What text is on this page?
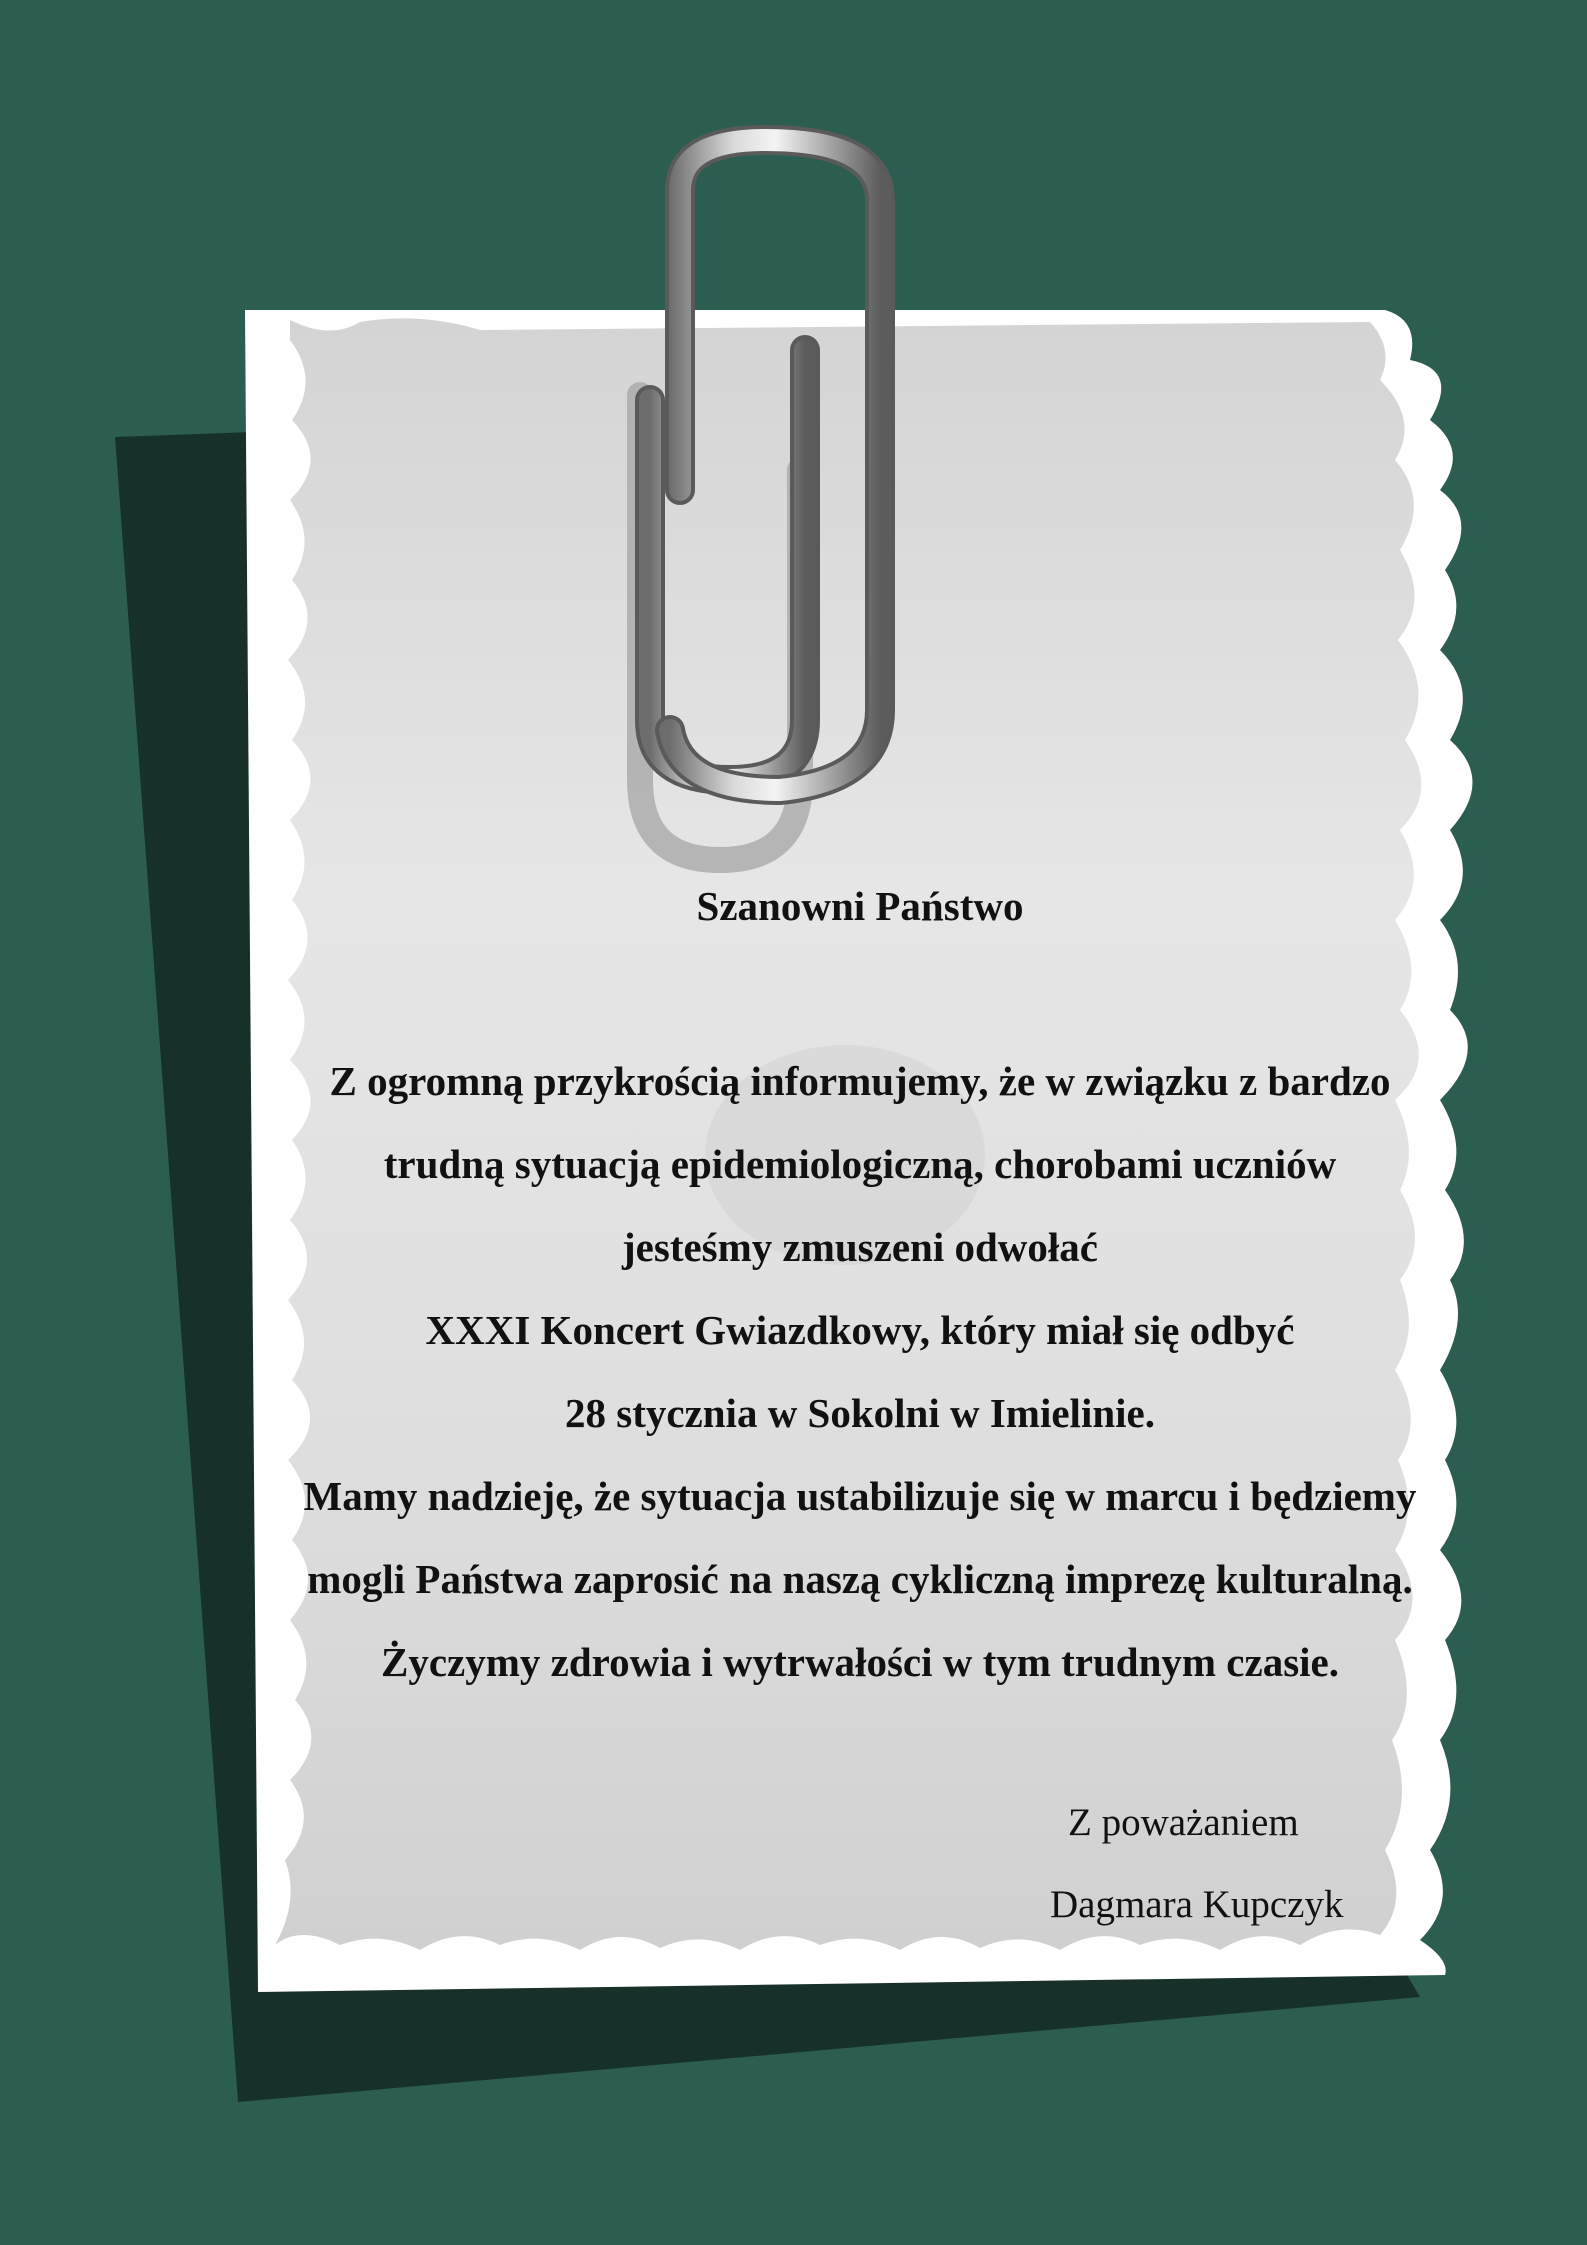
Szanowni Państwo
Z ogromną przykrością informujemy, że w związku z bardzo
trudną sytuacją epidemiologiczną, chorobami uczniów
jesteśmy zmuszeni odwołać
XXXI Koncert Gwiazdkowy, który miał się odbyć
28 stycznia w Sokolni w Imielinie.
Mamy nadzieję, że sytuacja ustabilizuje się w marcu i będziemy
mogli Państwa zaprosić na naszą cykliczną imprezę kulturalną.
Życzymy zdrowia i wytrwałości w tym trudnym czasie.
Z poważaniem
Dagmara Kupczyk
